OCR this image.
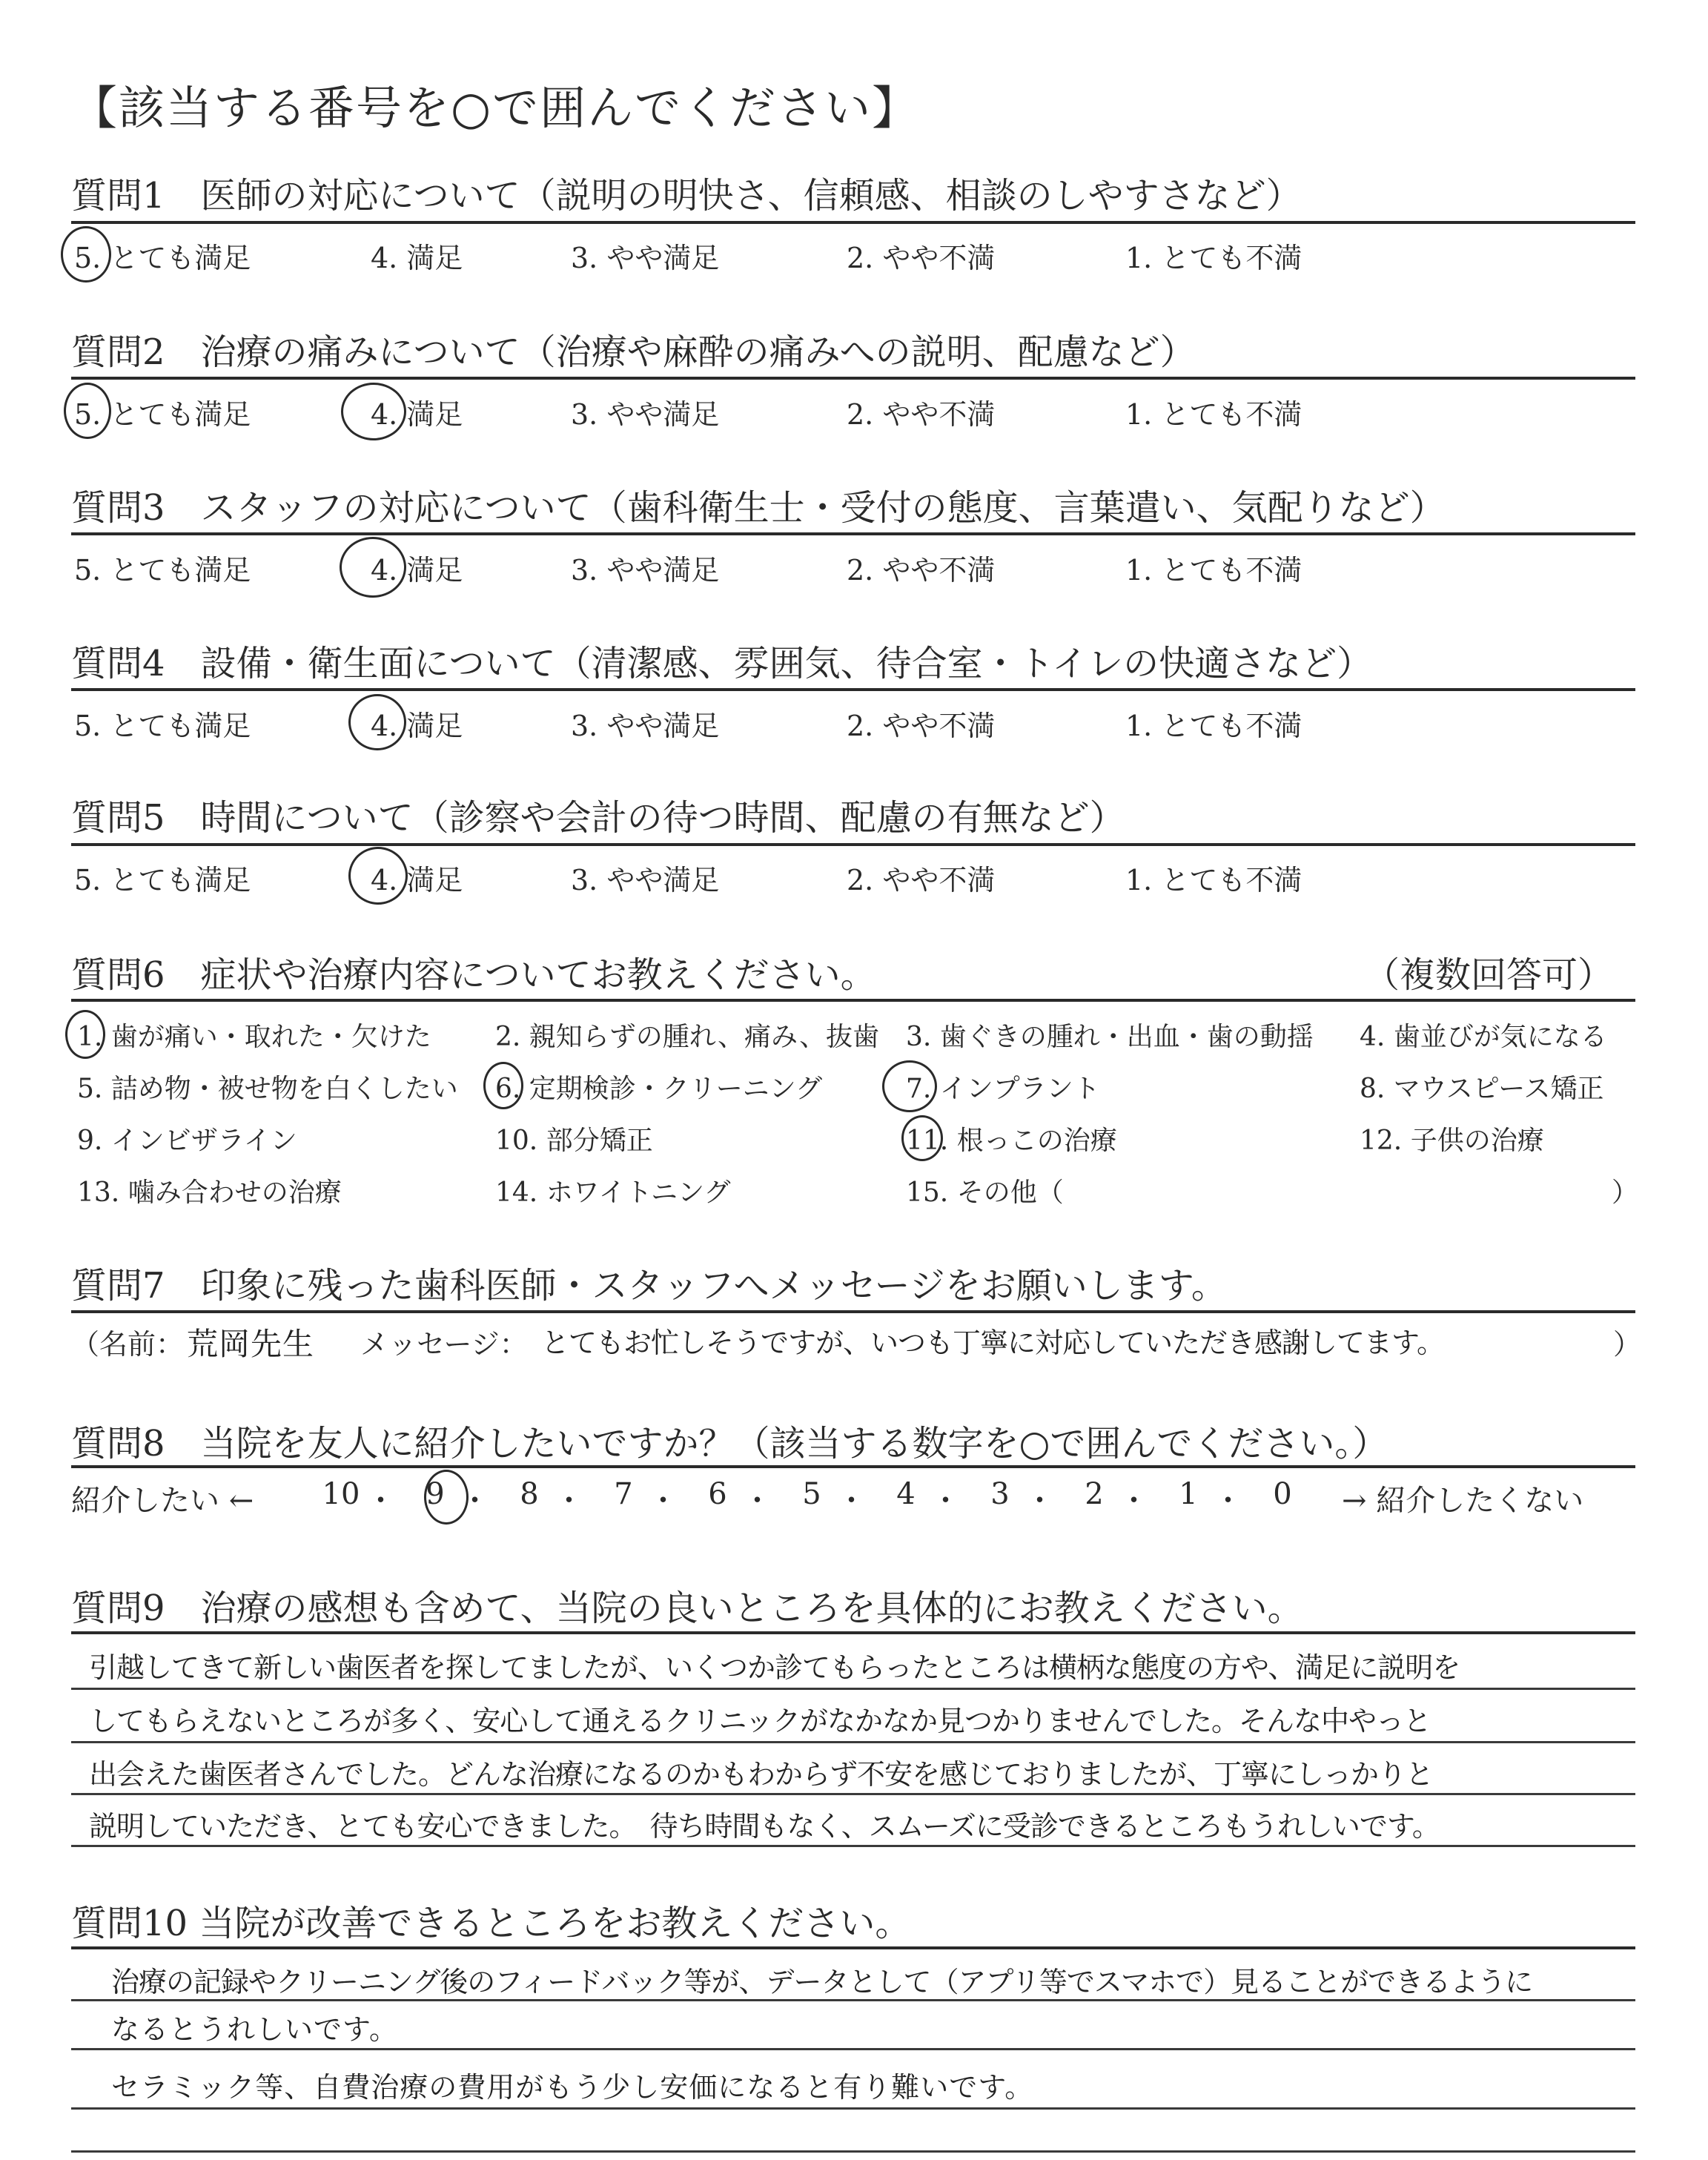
【該当する番号を○で囲んでください】
質問1　医師の対応について（説明の明快さ、信頼感、相談のしやすさなど）
5. とても満足	4. 満足	3. やや満足	2. やや不満	1. とても不満
質問2　治療の痛みについて（治療や麻酔の痛みへの説明、配慮など）
5. とても満足	4. 満足	3. やや満足	2. やや不満	1. とても不満
質問3　スタッフの対応について（歯科衛生士・受付の態度、言葉遣い、気配りなど）
5. とても満足	4. 満足	3. やや満足	2. やや不満	1. とても不満
質問4　設備・衛生面について（清潔感、雰囲気、待合室・トイレの快適さなど）
5. とても満足	4. 満足	3. やや満足	2. やや不満	1. とても不満
質問5　時間について（診察や会計の待つ時間、配慮の有無など）
5. とても満足	4. 満足	3. やや満足	2. やや不満	1. とても不満
質問6　症状や治療内容についてお教えください。	（複数回答可）
1. 歯が痛い・取れた・欠けた 2. 親知らずの腫れ、痛み、抜歯 3. 歯ぐきの腫れ・出血・歯の動揺 4. 歯並びが気になる
5. 詰め物・被せ物を白くしたい 6. 定期検診・クリーニング	7. インプラント	8. マウスピース矯正
9. インビザライン	10. 部分矯正	11. 根っこの治療	12. 子供の治療
13. 噛み合わせの治療	14. ホワイトニング	15. その他（	）
質問7　印象に残った歯科医師・スタッフへメッセージをお願いします。
（名前： 荒岡先生 メッセージ： とてもお忙しそうですが、いつも丁寧に対応していただき感謝してます。	）
質問8　当院を友人に紹介したいですか？（該当する数字を○で囲んでください。）
紹介したい ←	→ 紹介したくない
10 ・	9 ・	8 ・	7 ・	6 ・	5 ・	4 ・	3 ・	2 ・	1 ・	0
質問9　治療の感想も含めて、当院の良いところを具体的にお教えください。
引越してきて新しい歯医者を探してましたが、いくつか診てもらったところは横柄な態度の方や、満足に説明を
してもらえないところが多く、安心して通えるクリニックがなかなか見つかりませんでした。そんな中やっと
出会えた歯医者さんでした。どんな治療になるのかもわからず不安を感じておりましたが、丁寧にしっかりと
説明していただき、とても安心できました。　待ち時間もなく、スムーズに受診できるところもうれしいです。
質問10 当院が改善できるところをお教えください。
治療の記録やクリーニング後のフィードバック等が、データとして（アプリ等でスマホで）見ることができるように
なるとうれしいです。
セラミック等、自費治療の費用がもう少し安価になると有り難いです。
